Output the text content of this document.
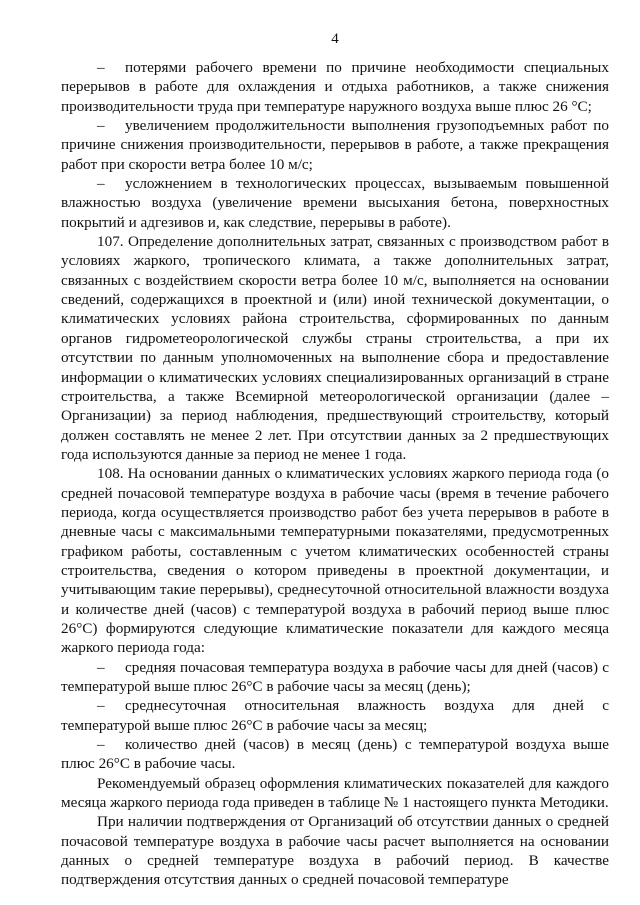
4

– потерями рабочего времени по причине необходимости специальных перерывов в работе для охлаждения и отдыха работников, а также снижения производительности труда при температуре наружного воздуха выше плюс 26 °С;

– увеличением продолжительности выполнения грузоподъемных работ по причине снижения производительности, перерывов в работе, а также прекращения работ при скорости ветра более 10 м/с;

– усложнением в технологических процессах, вызываемым повышенной влажностью воздуха (увеличение времени высыхания бетона, поверхностных покрытий и адгезивов и, как следствие, перерывы в работе).

107. Определение дополнительных затрат, связанных с производством работ в условиях жаркого, тропического климата, а также дополнительных затрат, связанных с воздействием скорости ветра более 10 м/с, выполняется на основании сведений, содержащихся в проектной и (или) иной технической документации, о климатических условиях района строительства, сформированных по данным органов гидрометеорологической службы страны строительства, а при их отсутствии по данным уполномоченных на выполнение сбора и предоставление информации о климатических условиях специализированных организаций в стране строительства, а также Всемирной метеорологической организации (далее – Организации) за период наблюдения, предшествующий строительству, который должен составлять не менее 2 лет. При отсутствии данных за 2 предшествующих года используются данные за период не менее 1 года.

108. На основании данных о климатических условиях жаркого периода года (о средней почасовой температуре воздуха в рабочие часы (время в течение рабочего периода, когда осуществляется производство работ без учета перерывов в работе в дневные часы с максимальными температурными показателями, предусмотренных графиком работы, составленным с учетом климатических особенностей страны строительства, сведения о котором приведены в проектной документации, и учитывающим такие перерывы), среднесуточной относительной влажности воздуха и количестве дней (часов) с температурой воздуха в рабочий период выше плюс 26°С) формируются следующие климатические показатели для каждого месяца жаркого периода года:

– средняя почасовая температура воздуха в рабочие часы для дней (часов) с температурой выше плюс 26°С в рабочие часы за месяц (день);

– среднесуточная относительная влажность воздуха для дней с температурой выше плюс 26°С в рабочие часы за месяц;

– количество дней (часов) в месяц (день) с температурой воздуха выше плюс 26°С в рабочие часы.

Рекомендуемый образец оформления климатических показателей для каждого месяца жаркого периода года приведен в таблице № 1 настоящего пункта Методики.

При наличии подтверждения от Организаций об отсутствии данных о средней почасовой температуре воздуха в рабочие часы расчет выполняется на основании данных о средней температуре воздуха в рабочий период. В качестве подтверждения отсутствия данных о средней почасовой температуре
